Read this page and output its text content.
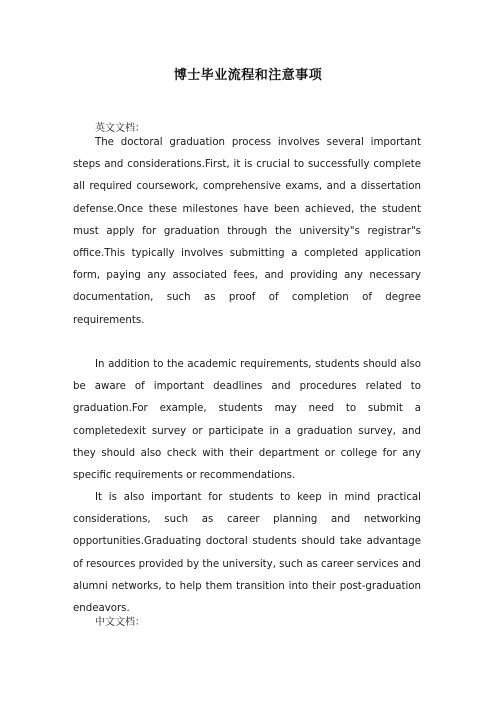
博士毕业流程和注意事项
英文文档：

The doctoral graduation process involves several important steps and considerations.First, it is crucial to successfully complete all required coursework, comprehensive exams, and a dissertation defense.Once these milestones have been achieved, the student must apply for graduation through the university"s registrar"s office.This typically involves submitting a completed application form, paying any associated fees, and providing any necessary documentation, such as proof of completion of degree requirements.

In addition to the academic requirements, students should also be aware of important deadlines and procedures related to graduation.For example, students may need to submit a completedexit survey or participate in a graduation survey, and they should also check with their department or college for any specific requirements or recommendations.

It is also important for students to keep in mind practical considerations, such as career planning and networking opportunities.Graduating doctoral students should take advantage of resources provided by the university, such as career services and alumni networks, to help them transition into their post-graduation endeavors.

中文文档：
